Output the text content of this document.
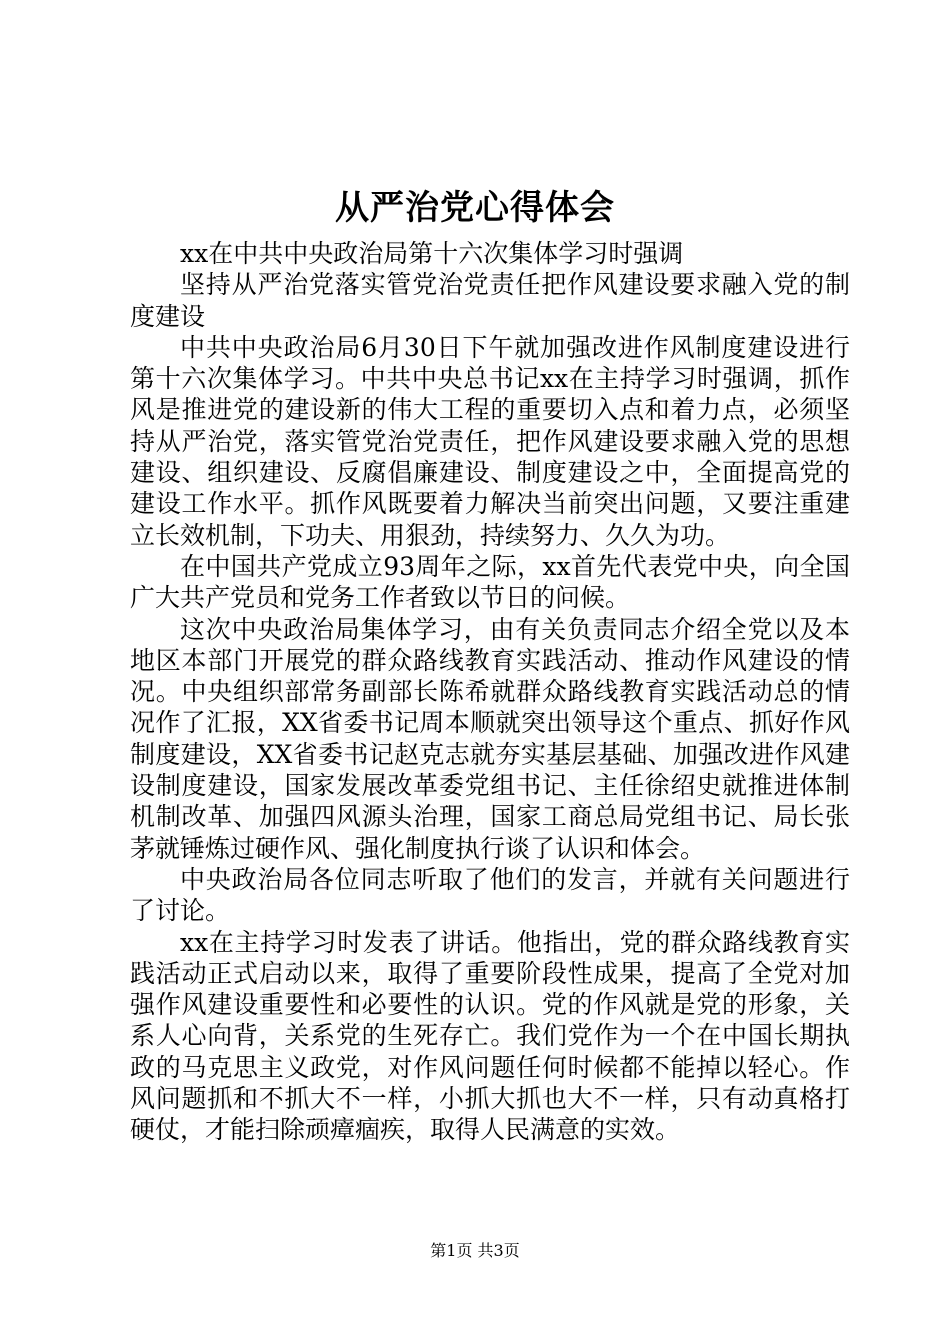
从严治党心得体会

xx在中共中央政治局第十六次集体学习时强调

坚持从严治党落实管党治党责任把作风建设要求融入党的制度建设

中共中央政治局6月30日下午就加强改进作风制度建设进行第十六次集体学习。中共中央总书记xx在主持学习时强调，抓作风是推进党的建设新的伟大工程的重要切入点和着力点，必须坚持从严治党，落实管党治党责任，把作风建设要求融入党的思想建设、组织建设、反腐倡廉建设、制度建设之中，全面提高党的建设工作水平。抓作风既要着力解决当前突出问题，又要注重建立长效机制，下功夫、用狠劲，持续努力、久久为功。

在中国共产党成立93周年之际，xx首先代表党中央，向全国广大共产党员和党务工作者致以节日的问候。

这次中央政治局集体学习，由有关负责同志介绍全党以及本地区本部门开展党的群众路线教育实践活动、推动作风建设的情况。中央组织部常务副部长陈希就群众路线教育实践活动总的情况作了汇报，XX省委书记周本顺就突出领导这个重点、抓好作风制度建设，XX省委书记赵克志就夯实基层基础、加强改进作风建设制度建设，国家发展改革委党组书记、主任徐绍史就推进体制机制改革、加强四风源头治理，国家工商总局党组书记、局长张茅就锤炼过硬作风、强化制度执行谈了认识和体会。

中央政治局各位同志听取了他们的发言，并就有关问题进行了讨论。

xx在主持学习时发表了讲话。他指出，党的群众路线教育实践活动正式启动以来，取得了重要阶段性成果，提高了全党对加强作风建设重要性和必要性的认识。党的作风就是党的形象，关系人心向背，关系党的生死存亡。我们党作为一个在中国长期执政的马克思主义政党，对作风问题任何时候都不能掉以轻心。作风问题抓和不抓大不一样，小抓大抓也大不一样，只有动真格打硬仗，才能扫除顽瘴痼疾，取得人民满意的实效。

第1页 共3页
